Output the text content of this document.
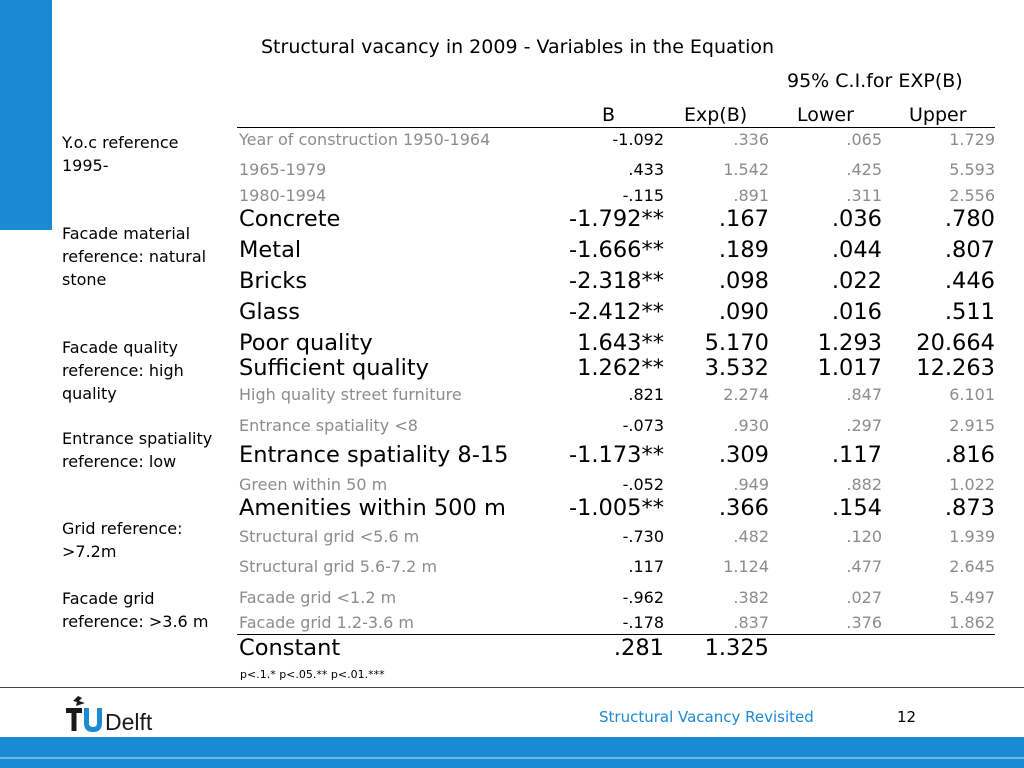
Structural vacancy in 2009 - Variables in the Equation
95% C.I.for EXP(B)
B	Exp(B)	Lower	Upper
Y.o.c reference
1995-
Facade material
reference: natural
stone
Facade quality
reference: high
quality
Entrance spatiality
reference: low
Grid reference:
>7.2m
Facade grid
reference: >3.6 m
Year of construction 1950-1964	-1.092	.336	.065	1.729
1965-1979	.433	1.542	.425	5.593
1980-1994	-.115	.891	.311	2.556
Concrete	-1.792** .167	.036	.780
Metal	-1.666** .189	.044	.807
Bricks	-2.318** .098	.022	.446
Glass	-2.412** .090	.016	.511
Poor quality	1.643** 5.170 1.293 20.664
Sufficient quality	1.262** 3.532 1.017 12.263
High quality street furniture	.821	2.274	.847	6.101
Entrance spatiality <8	-.073	.930	.297	2.915
Entrance spatiality 8-15	-1.173** .309	.117	.816
Green within 50 m	-.052	.949	.882	1.022
Amenities within 500 m	-1.005** .366	.154	.873
Structural grid <5.6 m	-.730	.482	.120	1.939
Structural grid 5.6-7.2 m	.117	1.124	.477	2.645
Facade grid <1.2 m	-.962	.382	.027	5.497
Facade grid 1.2-3.6 m	-.178	.837	.376	1.862
Constant	.281 1.325
p<.1.* p<.05.** p<.01.***
Delft	Structural Vacancy Revisited	12
